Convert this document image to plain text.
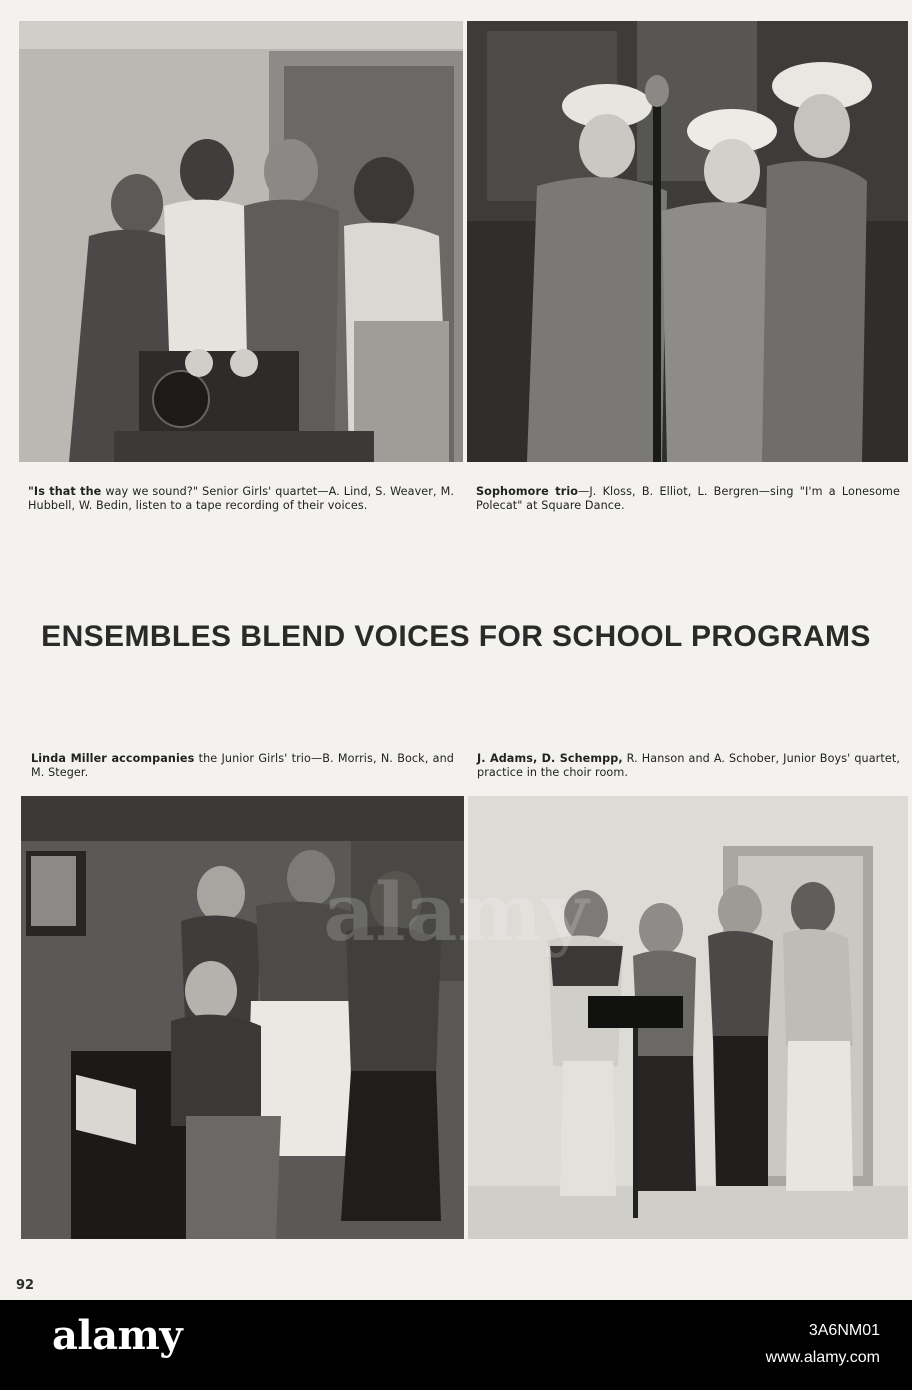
"Is that the way we sound?" Senior Girls' quartet—A. Lind, S. Weaver, M. Hubbell, W. Bedin, listen to a tape recording of their voices.
Sophomore trio—J. Kloss, B. Elliot, L. Bergren—sing "I'm a Lonesome Polecat" at Square Dance.
ENSEMBLES BLEND VOICES FOR SCHOOL PROGRAMS
Linda Miller accompanies the Junior Girls' trio—B. Morris, N. Bock, and M. Steger.
J. Adams, D. Schempp, R. Hanson and A. Schober, Junior Boys' quartet, practice in the choir room.
92
alamy	3A6NM01
www.alamy.com
